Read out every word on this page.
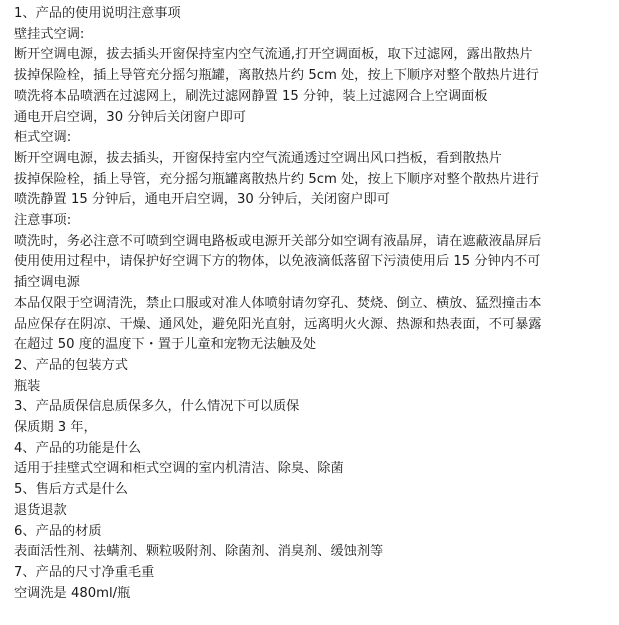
1、产品的使用说明注意事项
壁挂式空调:
断开空调电源，拔去插头开窗保持室内空气流通,打开空调面板，取下过滤网，露出散热片
拔掉保险栓，插上导管充分摇匀瓶罐，离散热片约 5cm 处，按上下顺序对整个散热片进行
喷洗将本品喷洒在过滤网上，刷洗过滤网静置 15 分钟，装上过滤网合上空调面板
通电开启空调，30 分钟后关闭窗户即可
柜式空调:
断开空调电源，拔去插头，开窗保持室内空气流通透过空调出风口挡板，看到散热片
拔掉保险栓，插上导管，充分摇匀瓶罐离散热片约 5cm 处，按上下顺序对整个散热片进行
喷洗静置 15 分钟后，通电开启空调，30 分钟后，关闭窗户即可
注意事项:
喷洗时，务必注意不可喷到空调电路板或电源开关部分如空调有液晶屏，请在遮蔽液晶屏后
使用使用过程中，请保护好空调下方的物体，以免液滴低落留下污渍使用后 15 分钟内不可
插空调电源
本品仅限于空调清洗，禁止口服或对准人体喷射请勿穿孔、焚烧、倒立、横放、猛烈撞击本
品应保存在阴凉、干燥、通风处，避免阳光直射，远离明火火源、热源和热表面，不可暴露
在超过 50 度的温度下・置于儿童和宠物无法触及处
2、产品的包装方式
瓶装
3、产品质保信息质保多久，什么情况下可以质保
保质期 3 年，
4、产品的功能是什么
适用于挂壁式空调和柜式空调的室内机清洁、除臭、除菌
5、售后方式是什么
退货退款
6、产品的材质
表面活性剂、祛螨剂、颗粒吸附剂、除菌剂、消臭剂、缓蚀剂等
7、产品的尺寸净重毛重
空调洗是 480ml/瓶
